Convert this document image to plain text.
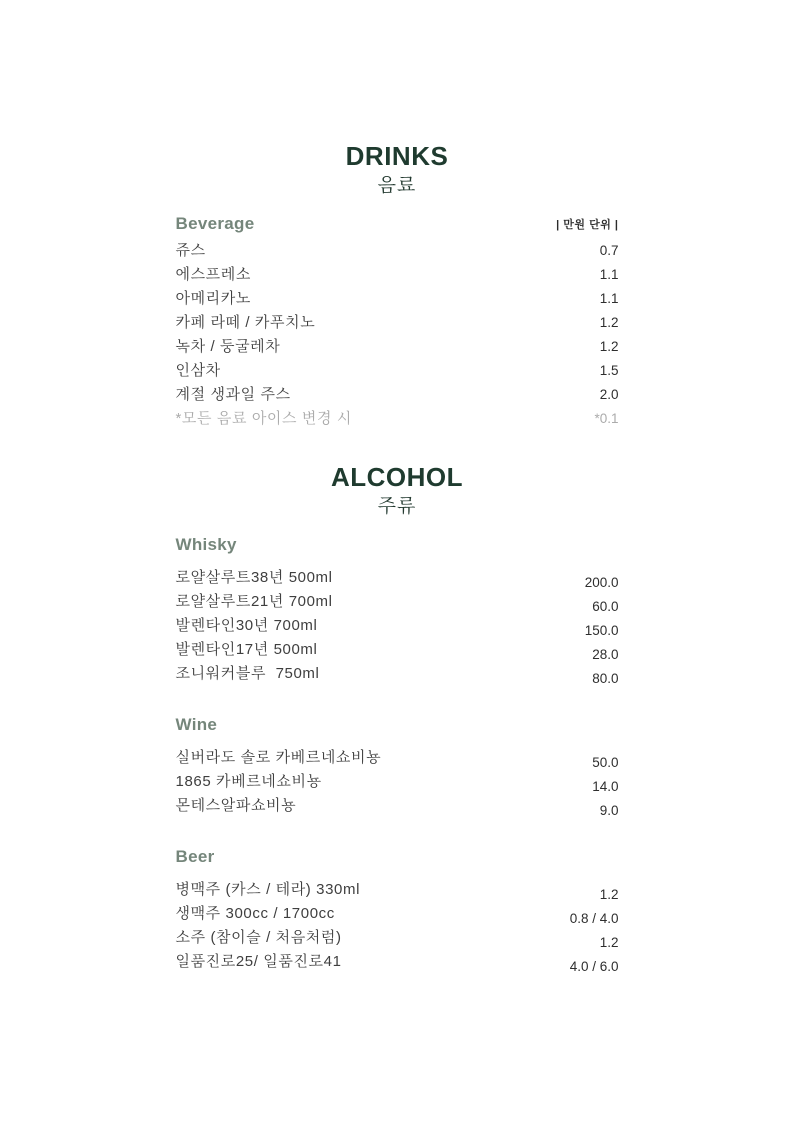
DRINKS
음료
Beverage	| 만원 단위 |
쥬스	0.7
에스프레소	1.1
아메리카노	1.1
카페 라떼 / 카푸치노	1.2
녹차 / 둥굴레차	1.2
인삼차	1.5
계절 생과일 주스	2.0
*모든 음료 아이스 변경 시	*0.1
ALCOHOL
주류
Whisky
로얄살루트38년 500ml	200.0
로얄살루트21년 700ml	60.0
발렌타인30년 700ml	150.0
발렌타인17년 500ml	28.0
조니워커블루  750ml	80.0
Wine
실버라도 솔로 카베르네쇼비뇽	50.0
1865 카베르네쇼비뇽	14.0
몬테스알파쇼비뇽	9.0
Beer
병맥주 (카스 / 테라) 330ml	1.2
생맥주 300cc / 1700cc	0.8 / 4.0
소주 (참이슬 / 처음처럼)	1.2
일품진로25/ 일품진로41	4.0 / 6.0
